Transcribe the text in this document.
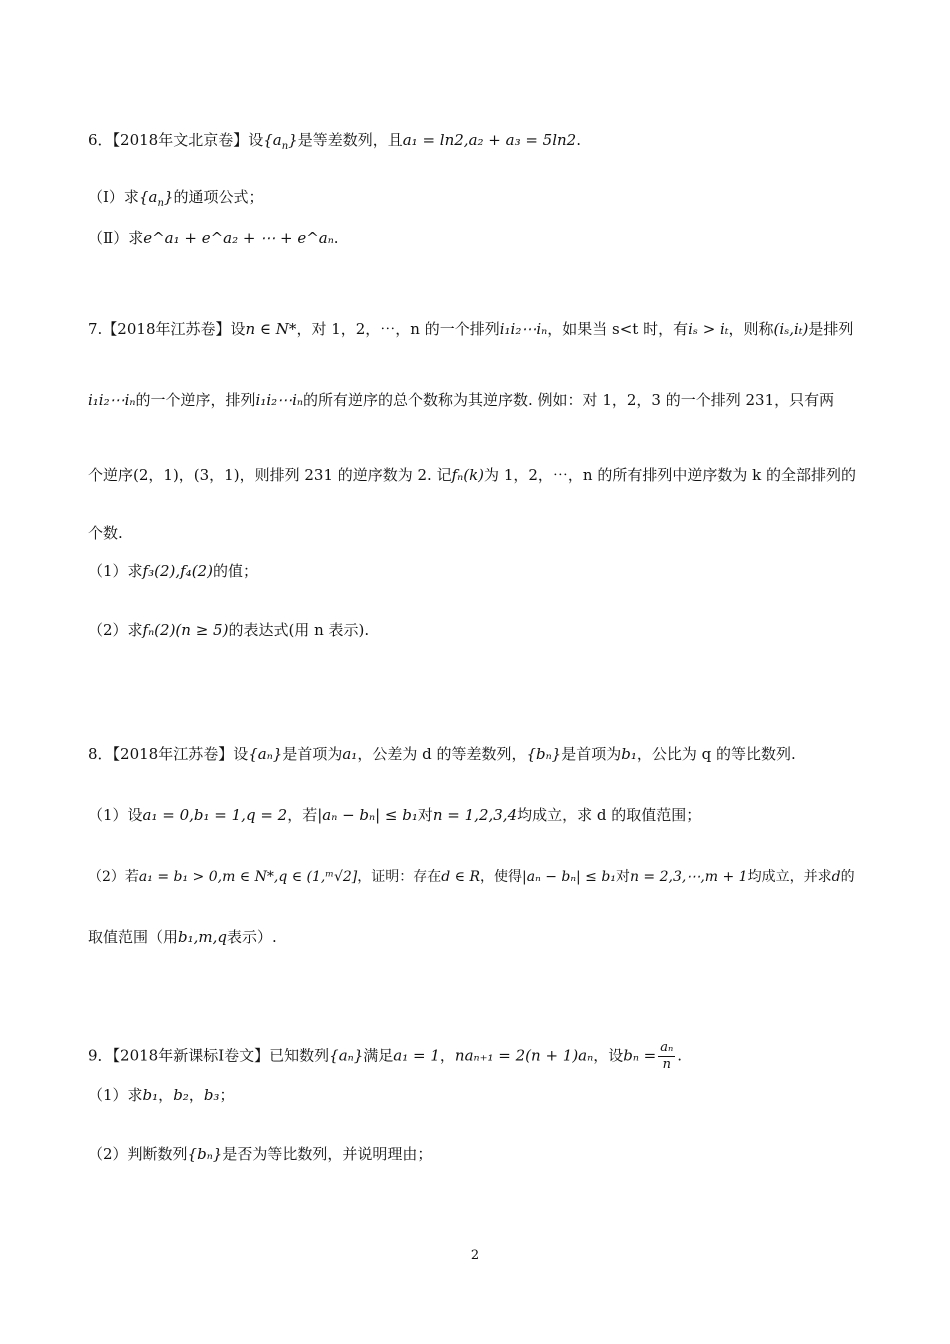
6．【2018年文北京卷】设$\{a_n\}$是等差数列，且a₁ = ln2,a₂ + a₃ = 5ln2.
（Ⅰ）求$\{a_n\}$的通项公式；
（Ⅱ）求e^a₁ + e^a₂ + ⋯ + e^aₙ.
7.【2018年江苏卷】设n ∈ N*，对 1，2，⋯，n 的一个排列i₁i₂⋯iₙ，如果当 s<t 时，有iₛ > iₜ，则称(iₛ,iₜ)是排列
i₁i₂⋯iₙ的一个逆序，排列i₁i₂⋯iₙ的所有逆序的总个数称为其逆序数. 例如：对 1，2，3 的一个排列 231，只有两
个逆序(2，1)，(3，1)，则排列 231 的逆序数为 2. 记fₙ(k)为 1，2，⋯，n 的所有排列中逆序数为 k 的全部排列的
个数.
（1）求f₃(2),f₄(2)的值；
（2）求fₙ(2)(n ≥ 5)的表达式(用 n 表示).
8．【2018年江苏卷】设{aₙ}是首项为a₁，公差为 d 的等差数列，{bₙ}是首项为b₁，公比为 q 的等比数列.
（1）设a₁ = 0,b₁ = 1,q = 2，若|aₙ − bₙ| ≤ b₁对n = 1,2,3,4均成立，求 d 的取值范围；
（2）若a₁ = b₁ > 0,m ∈ N*,q ∈ (1,ᵐ√2]，证明：存在d ∈ R，使得|aₙ − bₙ| ≤ b₁对n = 2,3,⋯,m + 1均成立，并求d的
取值范围（用b₁,m,q表示）.
9．【2018年新课标Ⅰ卷文】已知数列{aₙ}满足a₁ = 1，naₙ₊₁ = 2(n + 1)aₙ，设$b_n = \frac{\text{aₙ}}{n}$ .
（1）求b₁，b₂，b₃；
（2）判断数列{bₙ}是否为等比数列，并说明理由；
2
